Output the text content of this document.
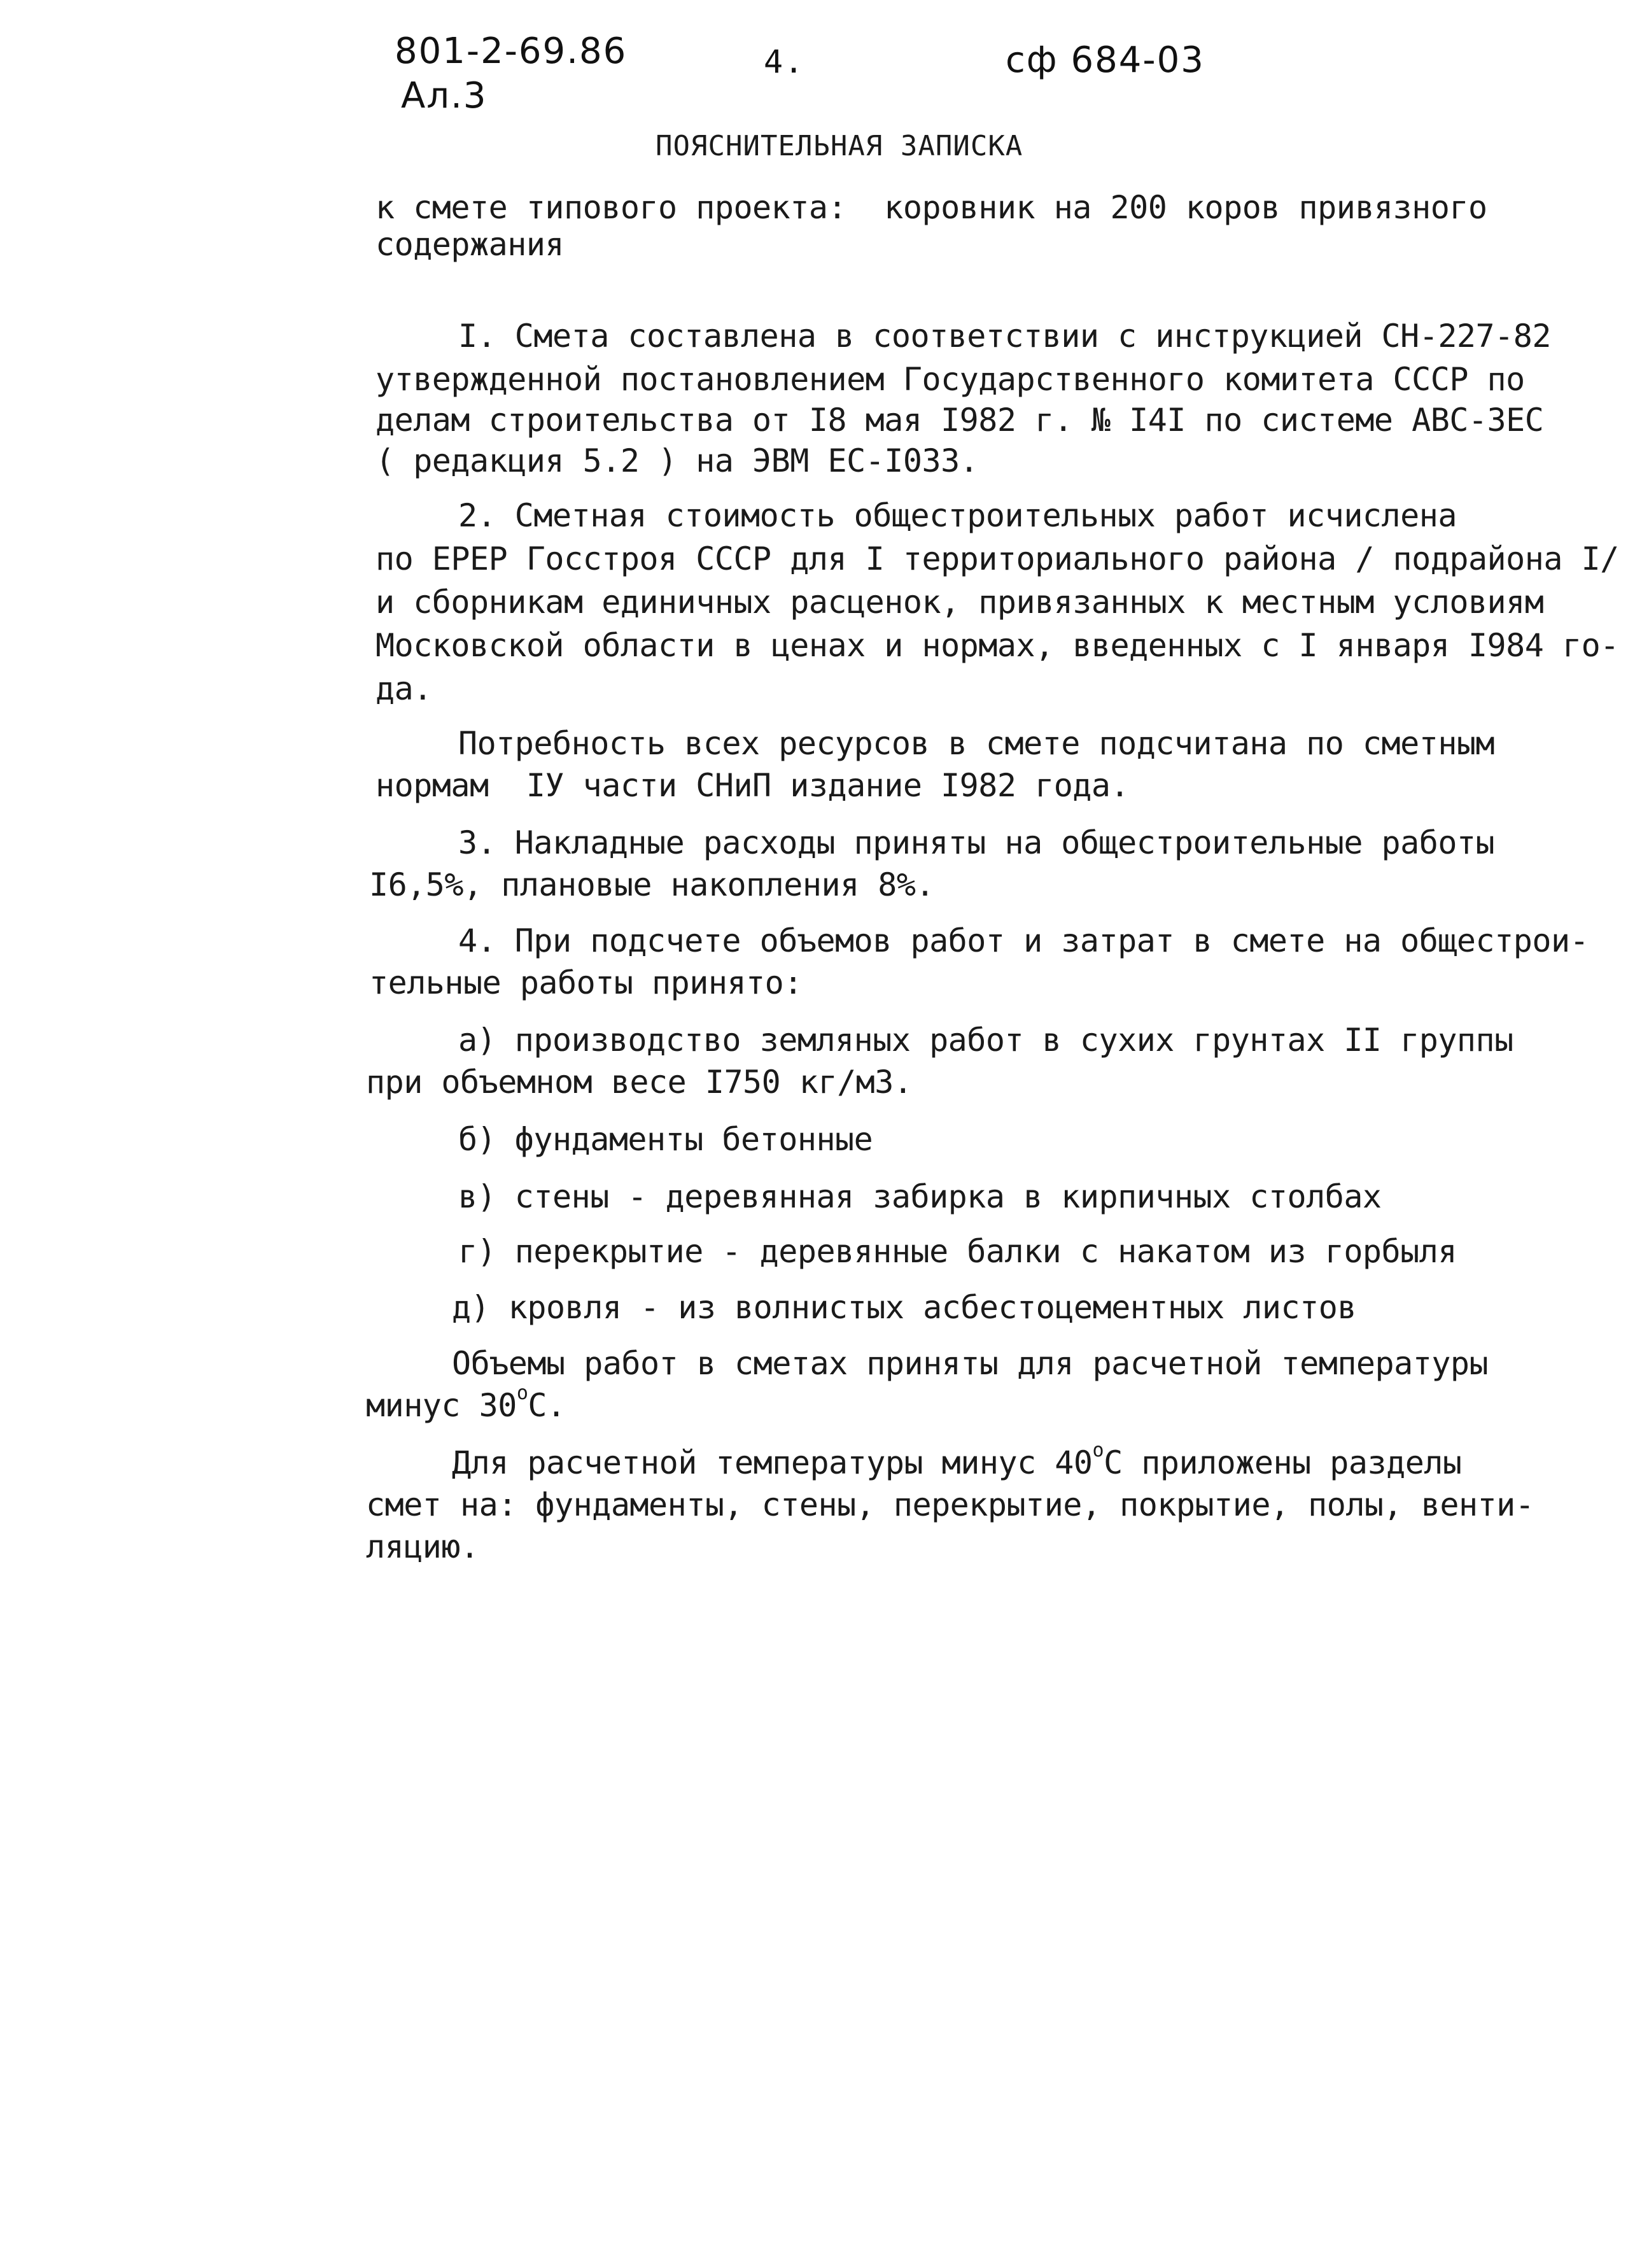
801-2-69.86
Ал.3
4.	сф 684-03
ПОЯСНИТЕЛЬНАЯ ЗАПИСКА
к смете типового проекта:  коровник на 200 коров привязного
содержания
I. Смета составлена в соответствии с инструкцией СН-227-82
утвержденной постановлением Государственного комитета СССР по
делам строительства от I8 мая I982 г. № I4I по системе АВС-ЗЕС
( редакция 5.2 ) на ЭВМ ЕС-I033.
2. Сметная стоимость общестроительных работ исчислена
по ЕРЕР Госстроя СССР для I территориального района / подрайона I/
и сборникам единичных расценок, привязанных к местным условиям
Московской области в ценах и нормах, введенных с I января I984 го-
да.
Потребность всех ресурсов в смете подсчитана по сметным
нормам  IУ части СНиП издание I982 года.
3. Накладные расходы приняты на общестроительные работы
I6,5%, плановые накопления 8%.
4. При подсчете объемов работ и затрат в смете на общестрои-
тельные работы принято:
а) производство земляных работ в сухих грунтах II группы
при объемном весе I750 кг/м3.
б) фундаменты бетонные
в) стены - деревянная забирка в кирпичных столбах
г) перекрытие - деревянные балки с накатом из горбыля
д) кровля - из волнистых асбестоцементных листов
Объемы работ в сметах приняты для расчетной температуры
минус $30^оС$.
Для расчетной температуры минус $40^оС$ приложены разделы
смет на: фундаменты, стены, перекрытие, покрытие, полы, венти-
ляцию.
